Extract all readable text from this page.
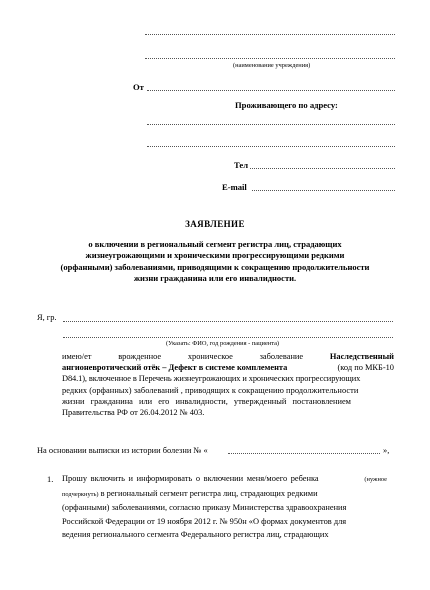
(наименование учреждения)
От
Проживающего по адресу:
Тел
E-mail
ЗАЯВЛЕНИЕ
о включении в региональный сегмент регистра лиц, страдающих
жизнеугрожающими и хроническими прогрессирующими редкими
(орфанными) заболеваниями, приводящими к сокращению продолжительности
жизни гражданина или его инвалидности.
Я, гр.
(Указать: ФИО, год рождения - пациента)
имею/ет	врожденное	хроническое	заболевание	Наследственный
ангионевротический отёк – Дефект в системе комплемента	(код по МКБ-10
D84.1), включенное в Перечень жизнеугрожающих и хронических прогрессирующих
редких (орфанных) заболеваний , приводящих к сокращению продолжительности
жизни гражданина или его инвалидности, утвержденный постановлением
Правительства РФ от 26.04.2012 № 403.
На основании выписки из истории болезни № «	»,
1. Прошу включить и информировать о включении меня/моего ребенка	(нужное
подчеркнуть) в региональный сегмент регистра лиц, страдающих редкими
(орфанными) заболеваниями, согласно приказу Министерства здравоохранения
Российской Федерации от 19 ноября 2012 г. № 950н «О формах документов для
ведения регионального сегмента Федерального регистра лиц, страдающих
